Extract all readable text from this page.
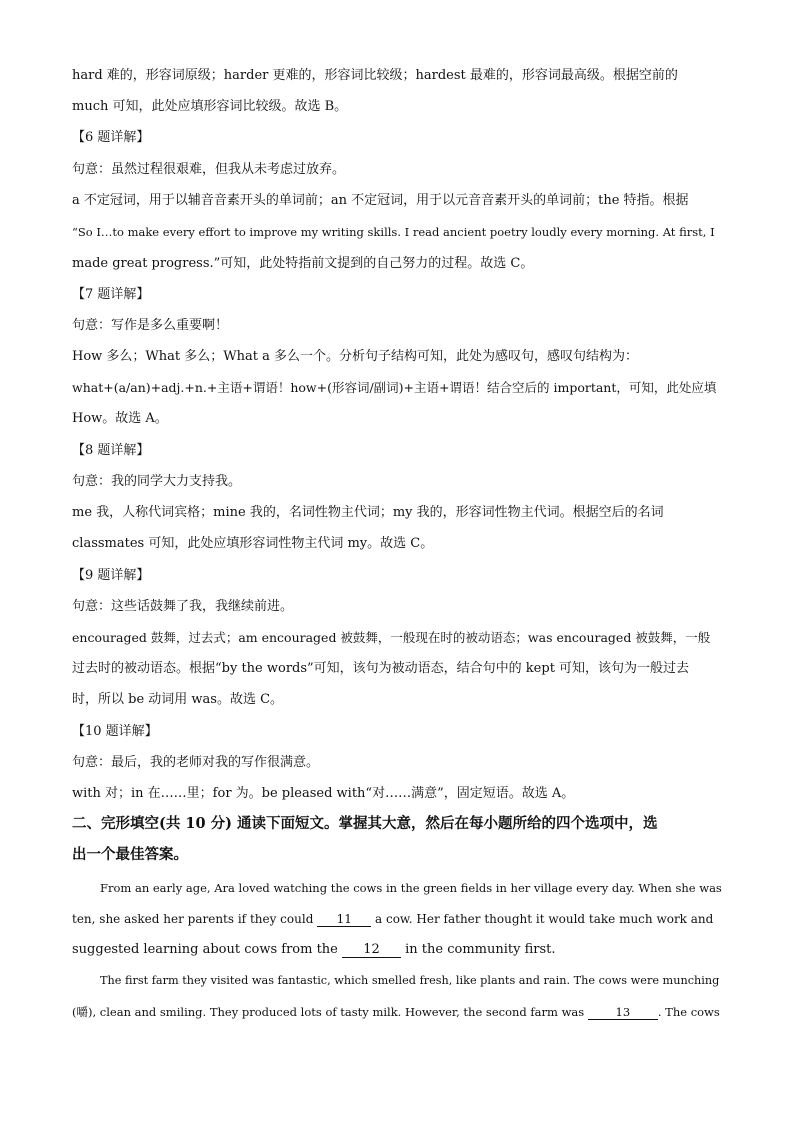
hard 难的，形容词原级；harder 更难的，形容词比较级；hardest 最难的，形容词最高级。根据空前的
much 可知，此处应填形容词比较级。故选 B。
【6 题详解】
句意：虽然过程很艰难，但我从未考虑过放弃。
a 不定冠词，用于以辅音音素开头的单词前；an 不定冠词，用于以元音音素开头的单词前；the 特指。根据
“So I…to make every effort to improve my writing skills. I read ancient poetry loudly every morning. At first, I
made great progress.”可知，此处特指前文提到的自己努力的过程。故选 C。
【7 题详解】
句意：写作是多么重要啊！
How 多么；What 多么；What a 多么一个。分析句子结构可知，此处为感叹句，感叹句结构为：
what+(a/an)+adj.+n.+主语+谓语！how+(形容词/副词)+主语+谓语！结合空后的 important，可知，此处应填
How。故选 A。
【8 题详解】
句意：我的同学大力支持我。
me 我，人称代词宾格；mine 我的，名词性物主代词；my 我的，形容词性物主代词。根据空后的名词
classmates 可知，此处应填形容词性物主代词 my。故选 C。
【9 题详解】
句意：这些话鼓舞了我，我继续前进。
encouraged 鼓舞，过去式；am encouraged 被鼓舞，一般现在时的被动语态；was encouraged 被鼓舞，一般
过去时的被动语态。根据“by the words”可知，该句为被动语态，结合句中的 kept 可知，该句为一般过去
时，所以 be 动词用 was。故选 C。
【10 题详解】
句意：最后，我的老师对我的写作很满意。
with 对；in 在……里；for 为。be pleased with“对……满意”，固定短语。故选 A。
二、完形填空(共 10 分) 通读下面短文。掌握其大意，然后在每小题所给的四个选项中，选
出一个最佳答案。
From an early age, Ara loved watching the cows in the green fields in her village every day. When she was
ten, she asked her parents if they could 11 a cow. Her father thought it would take much work and
suggested learning about cows from the 12 in the community first.
The first farm they visited was fantastic, which smelled fresh, like plants and rain. The cows were munching
(嚼), clean and smiling. They produced lots of tasty milk. However, the second farm was 13 . The cows
